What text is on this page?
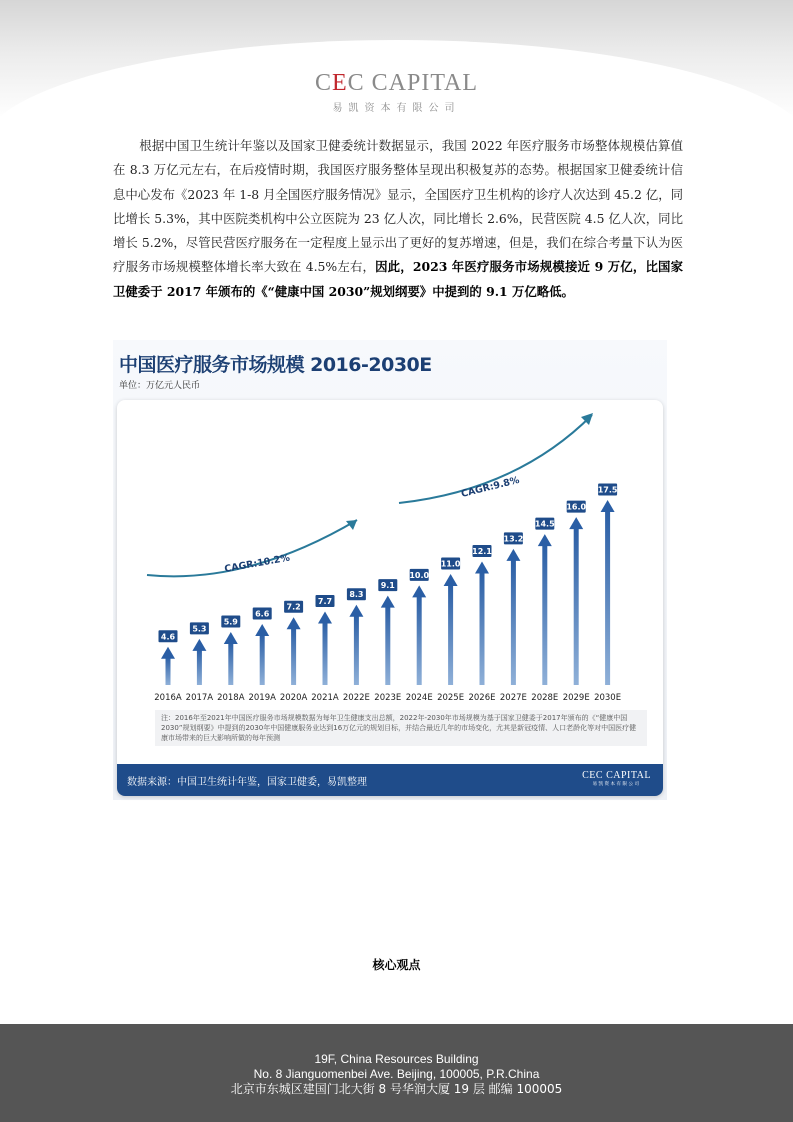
CEC CAPITAL
易凯资本有限公司
根据中国卫生统计年鉴以及国家卫健委统计数据显示，我国 2022 年医疗服务市场整体规模估算值在 8.3 万亿元左右，在后疫情时期，我国医疗服务整体呈现出积极复苏的态势。根据国家卫健委统计信息中心发布《2023 年 1-8 月全国医疗服务情况》显示，全国医疗卫生机构的诊疗人次达到 45.2 亿，同比增长 5.3%，其中医院类机构中公立医院为 23 亿人次，同比增长 2.6%，民营医院 4.5 亿人次，同比增长 5.2%，尽管民营医疗服务在一定程度上显示出了更好的复苏增速，但是，我们在综合考量下认为医疗服务市场规模整体增长率大致在 4.5%左右，因此，2023 年医疗服务市场规模接近 9 万亿，比国家卫健委于 2017 年颁布的《“健康中国 2030”规划纲要》中提到的 9.1 万亿略低。
中国医疗服务市场规模 2016-2030E
单位：万亿元人民币
4.6
2016A
5.3
2017A
5.9
2018A
6.6
2019A
7.2
2020A
7.7
2021A
8.3
2022E
9.1
2023E
10.0
2024E
11.0
2025E
12.1
2026E
13.2
2027E
14.5
2028E
16.0
2029E
17.5
2030E
CAGR:10.2%
CAGR:9.8%
注：2016年至2021年中国医疗服务市场规模数据为每年卫生健康支出总额，2022年-2030年市场规模为基于国家卫健委于2017年颁布的《“健康中国2030”规划纲要》中提到的2030年中国健康服务业达到16万亿元的规划目标，并结合最近几年的市场变化，尤其是新冠疫情、人口老龄化等对中国医疗健康市场带来的巨大影响所做的每年预测
数据来源：中国卫生统计年鉴，国家卫健委，易凯整理
CEC CAPITAL
易凯资本有限公司
核心观点
19F, China Resources Building
No. 8 Jianguomenbei Ave. Beijing, 100005, P.R.China
北京市东城区建国门北大街 8 号华润大厦 19 层 邮编 100005
